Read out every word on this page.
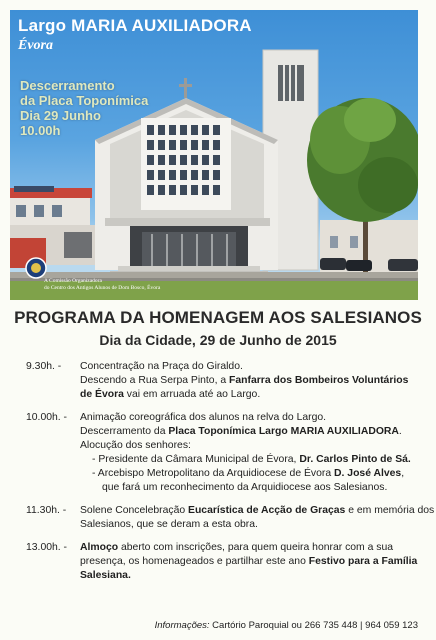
Largo MARIA AUXILIADORA
Évora
Descerramento
da Placa Toponímica
Dia 29 Junho
10.00h
A Comissão Organizadora
do Centro dos Antigos Alunos de Dom Bosco, Évora
PROGRAMA DA HOMENAGEM AOS SALESIANOS
Dia da Cidade, 29 de Junho de 2015
9.30h. -	Concentração na Praça do Giraldo.
Descendo a Rua Serpa Pinto, a Fanfarra dos Bombeiros Voluntários
de Évora vai em arruada até ao Largo.
10.00h. -	Animação coreográfica dos alunos na relva do Largo.
Descerramento da Placa Toponímica Largo MARIA AUXILIADORA.
Alocução dos senhores:
- Presidente da Câmara Municipal de Évora, Dr. Carlos Pinto de Sá.
- Arcebispo Metropolitano da Arquidiocese de Évora D. José Alves,
que fará um reconhecimento da Arquidiocese aos Salesianos.
11.30h. -	Solene Concelebração Eucarística de Acção de Graças e em memória dos
Salesianos, que se deram a esta obra.
13.00h. -	Almoço aberto com inscrições, para quem queira honrar com a sua
presença, os homenageados e partilhar este ano Festivo para a Família
Salesiana.
Informações: Cartório Paroquial ou 266 735 448 | 964 059 123
